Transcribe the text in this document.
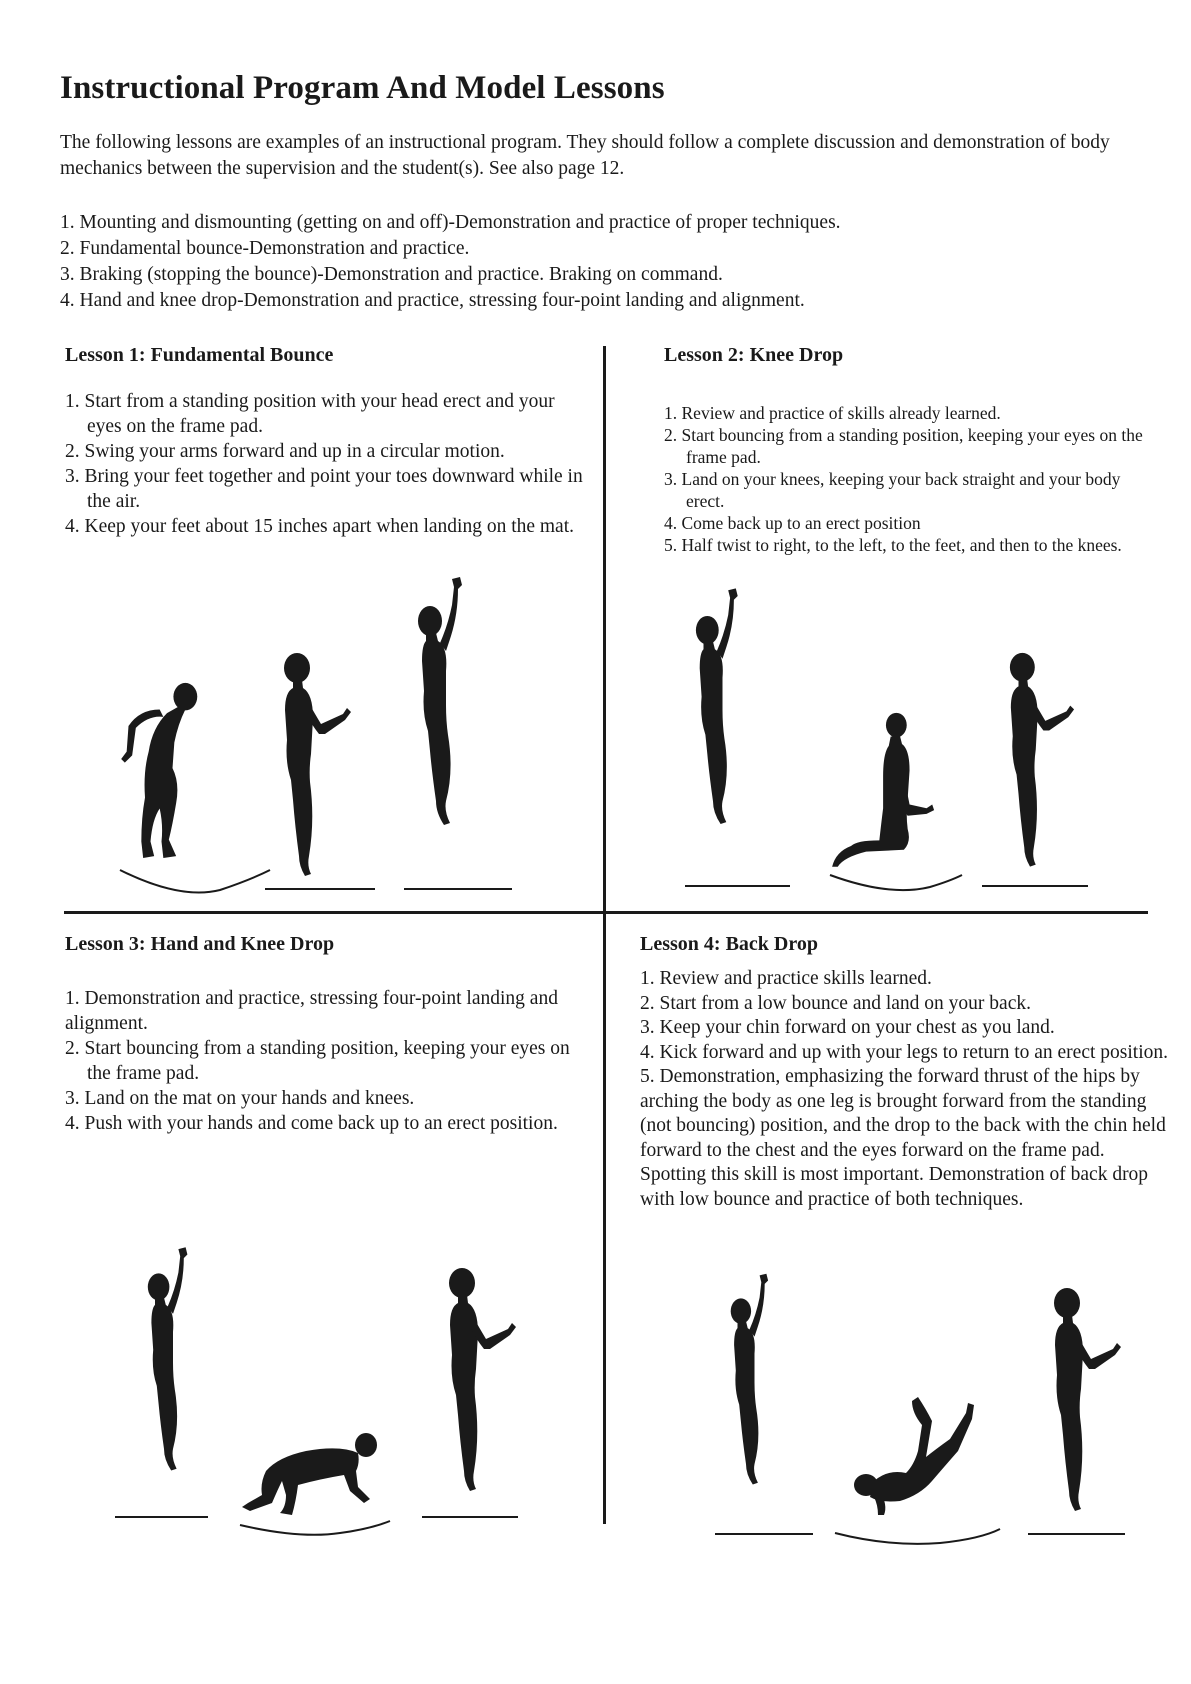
Instructional Program And Model Lessons

The following lessons are examples of an instructional program. They should follow a complete discussion and demonstration of body mechanics between the supervision and the student(s). See also page 12.

1. Mounting and dismounting (getting on and off)-Demonstration and practice of proper techniques.
2. Fundamental bounce-Demonstration and practice.
3. Braking (stopping the bounce)-Demonstration and practice. Braking on command.
4. Hand and knee drop-Demonstration and practice, stressing four-point landing and alignment.
Lesson 1: Fundamental Bounce
1. Start from a standing position with your head erect and your eyes on the frame pad.
2. Swing your arms forward and up in a circular motion.
3. Bring your feet together and point your toes downward while in the air.
4. Keep your feet about 15 inches apart when landing on the mat.
Lesson 2: Knee Drop
1. Review and practice of skills already learned.
2. Start bouncing from a standing position, keeping your eyes on the frame pad.
3. Land on your knees, keeping your back straight and your body erect.
4. Come back up to an erect position
5. Half twist to right, to the left, to the feet, and then to the knees.
Lesson 3: Hand and Knee Drop
1. Demonstration and practice, stressing four-point landing and alignment.
2. Start bouncing from a standing position, keeping your eyes on the frame pad.
3. Land on the mat on your hands and knees.
4. Push with your hands and come back up to an erect position.
Lesson 4: Back Drop
1. Review and practice skills learned.
2. Start from a low bounce and land on your back.
3. Keep your chin forward on your chest as you land.
4. Kick forward and up with your legs to return to an erect position.
5. Demonstration, emphasizing the forward thrust of the hips by arching the body as one leg is brought forward from the standing (not bouncing) position, and the drop to the back with the chin held forward to the chest and the eyes forward on the frame pad. Spotting this skill is most important. Demonstration of back drop with low bounce and practice of both techniques.
